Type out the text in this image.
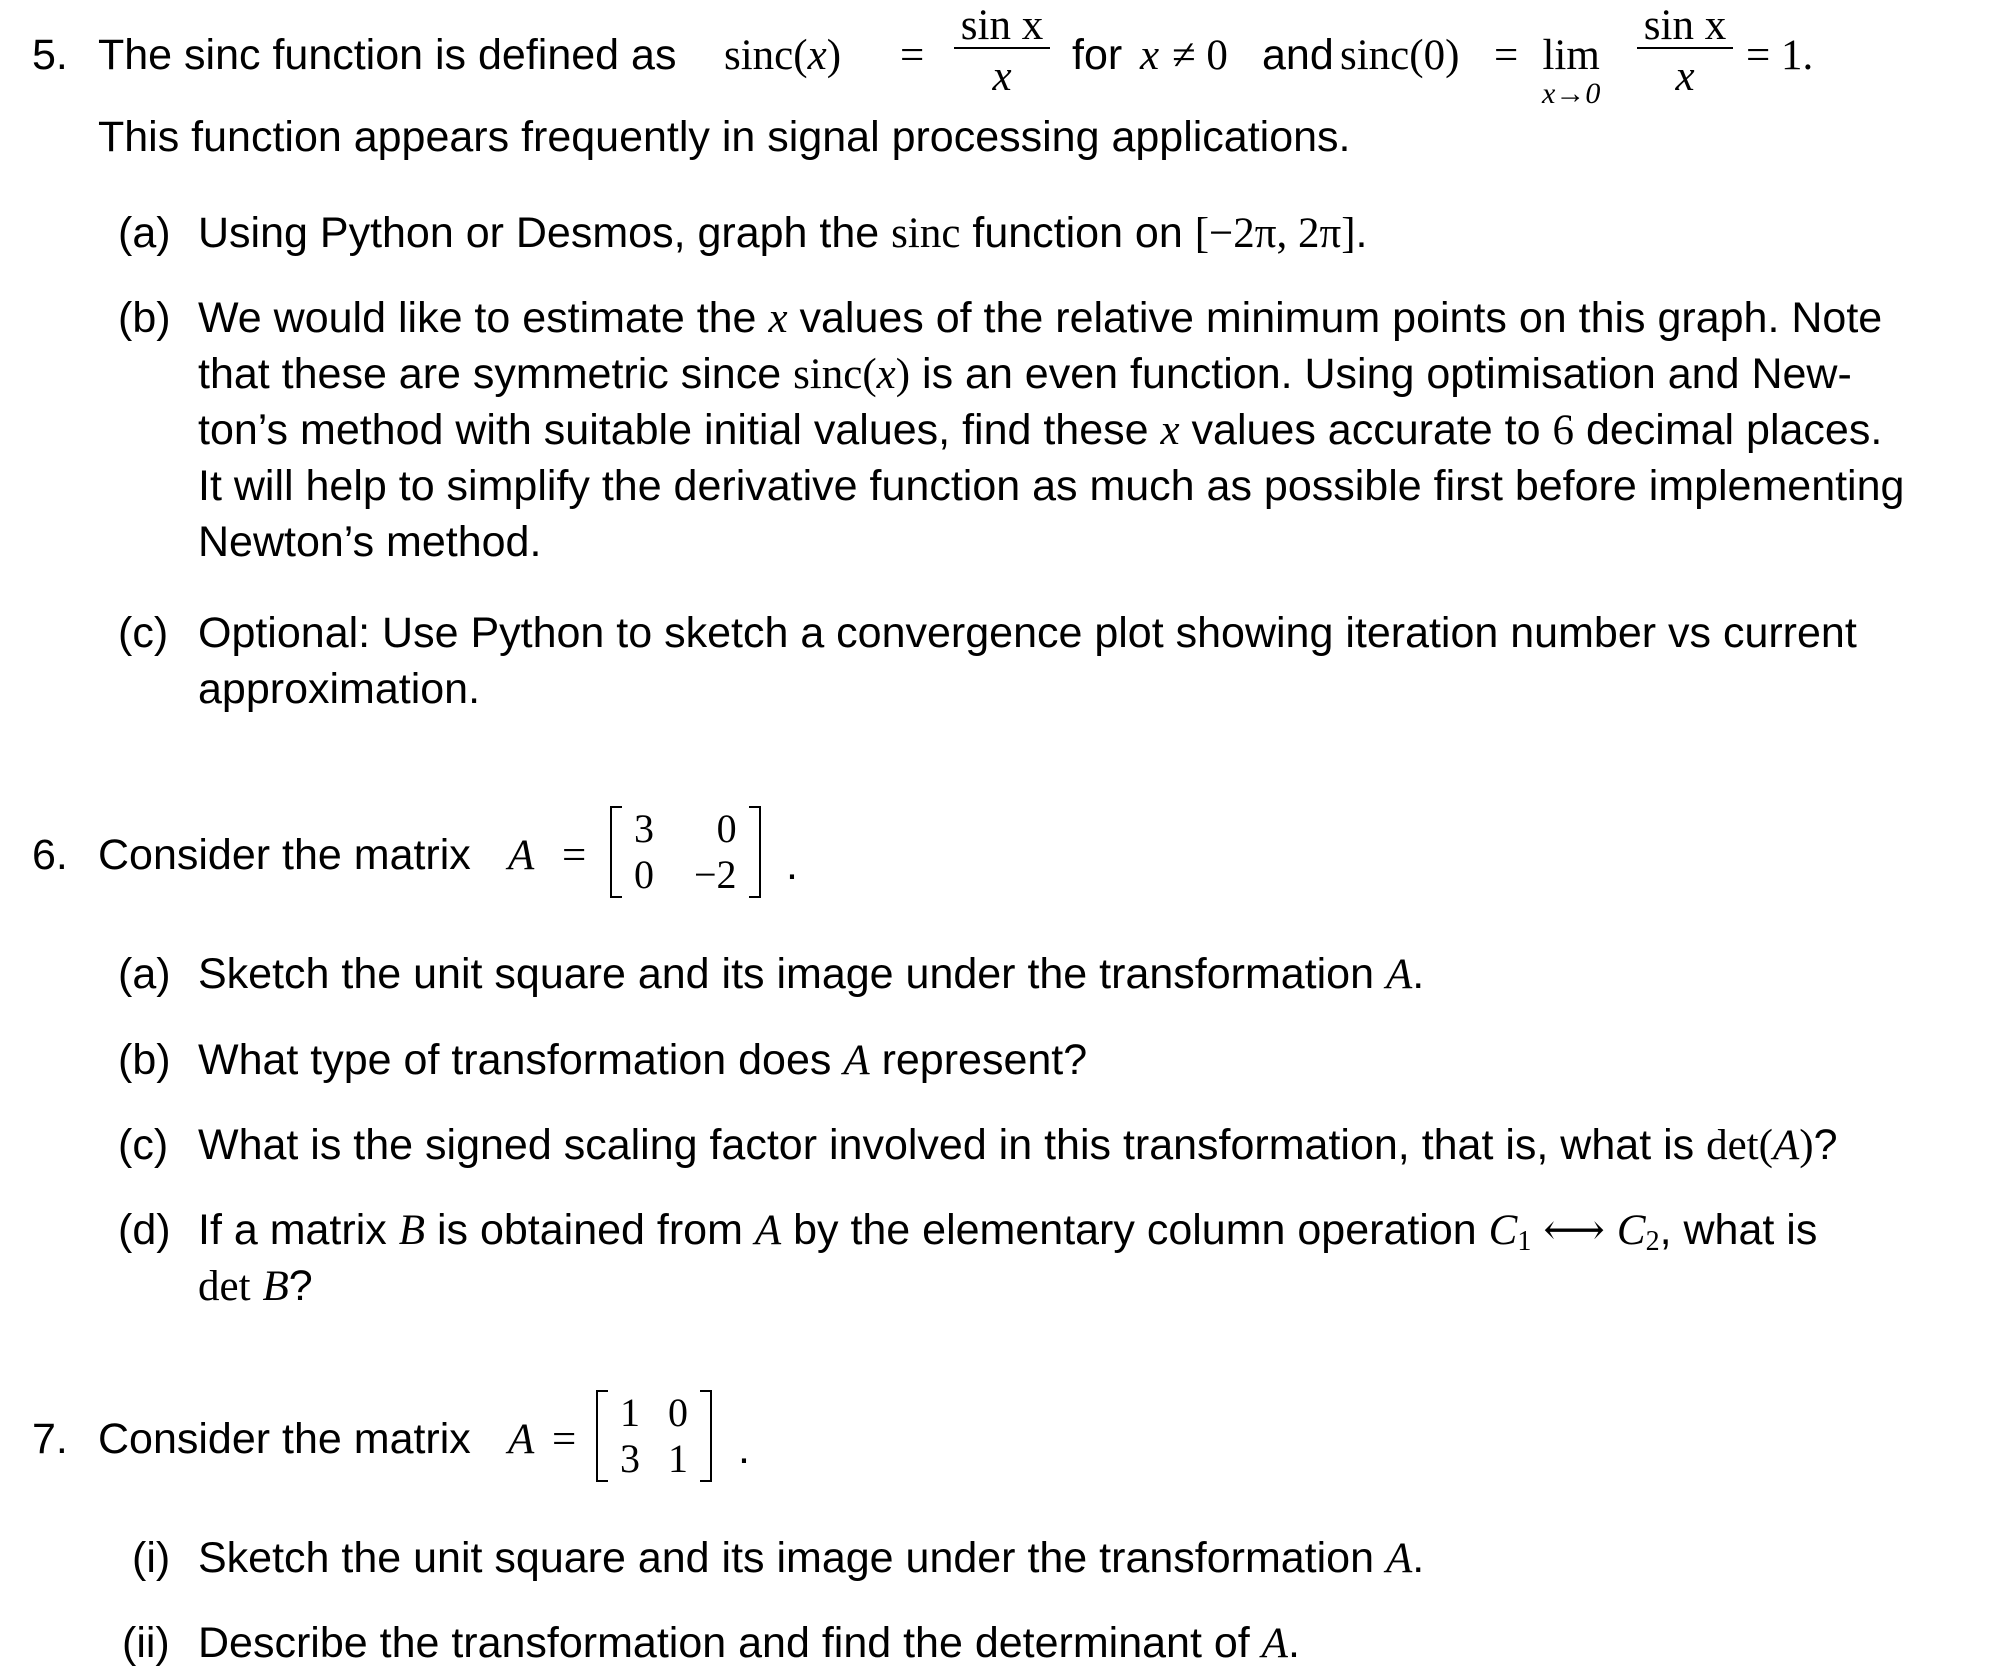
5. The sinc function is defined as $\sin c(x) = \frac{\text{sin x}}{x}$ for x ≠ 0 and sinc(0) = lim
$x\to 0 \frac{\text{sin x}}{x} = 1$.
This function appears frequently in signal processing applications.
(a) Using Python or Desmos, graph the sinc function on [−2π, 2π].
(b) We would like to estimate the x values of the relative minimum points on this graph. Note
that these are symmetric since sinc(x) is an even function. Using optimisation and New-
ton’s method with suitable initial values, find these x values accurate to 6 decimal places.
It will help to simplify the derivative function as much as possible first before implementing
Newton’s method.
(c) Optional: Use Python to sketch a convergence plot showing iteration number vs current
approximation.
6. Consider the matrix A =
3	0
0	−2 .
(a) Sketch the unit square and its image under the transformation A.
(b) What type of transformation does A represent?
(c) What is the signed scaling factor involved in this transformation, that is, what is det(A)?
(d) If a matrix B is obtained from A by the elementary column operation C1 ⟷ C2, what is
det B?
7. Consider the matrix A =
1	0
3	1 .
(i) Sketch the unit square and its image under the transformation A.
(ii) Describe the transformation and find the determinant of A.
